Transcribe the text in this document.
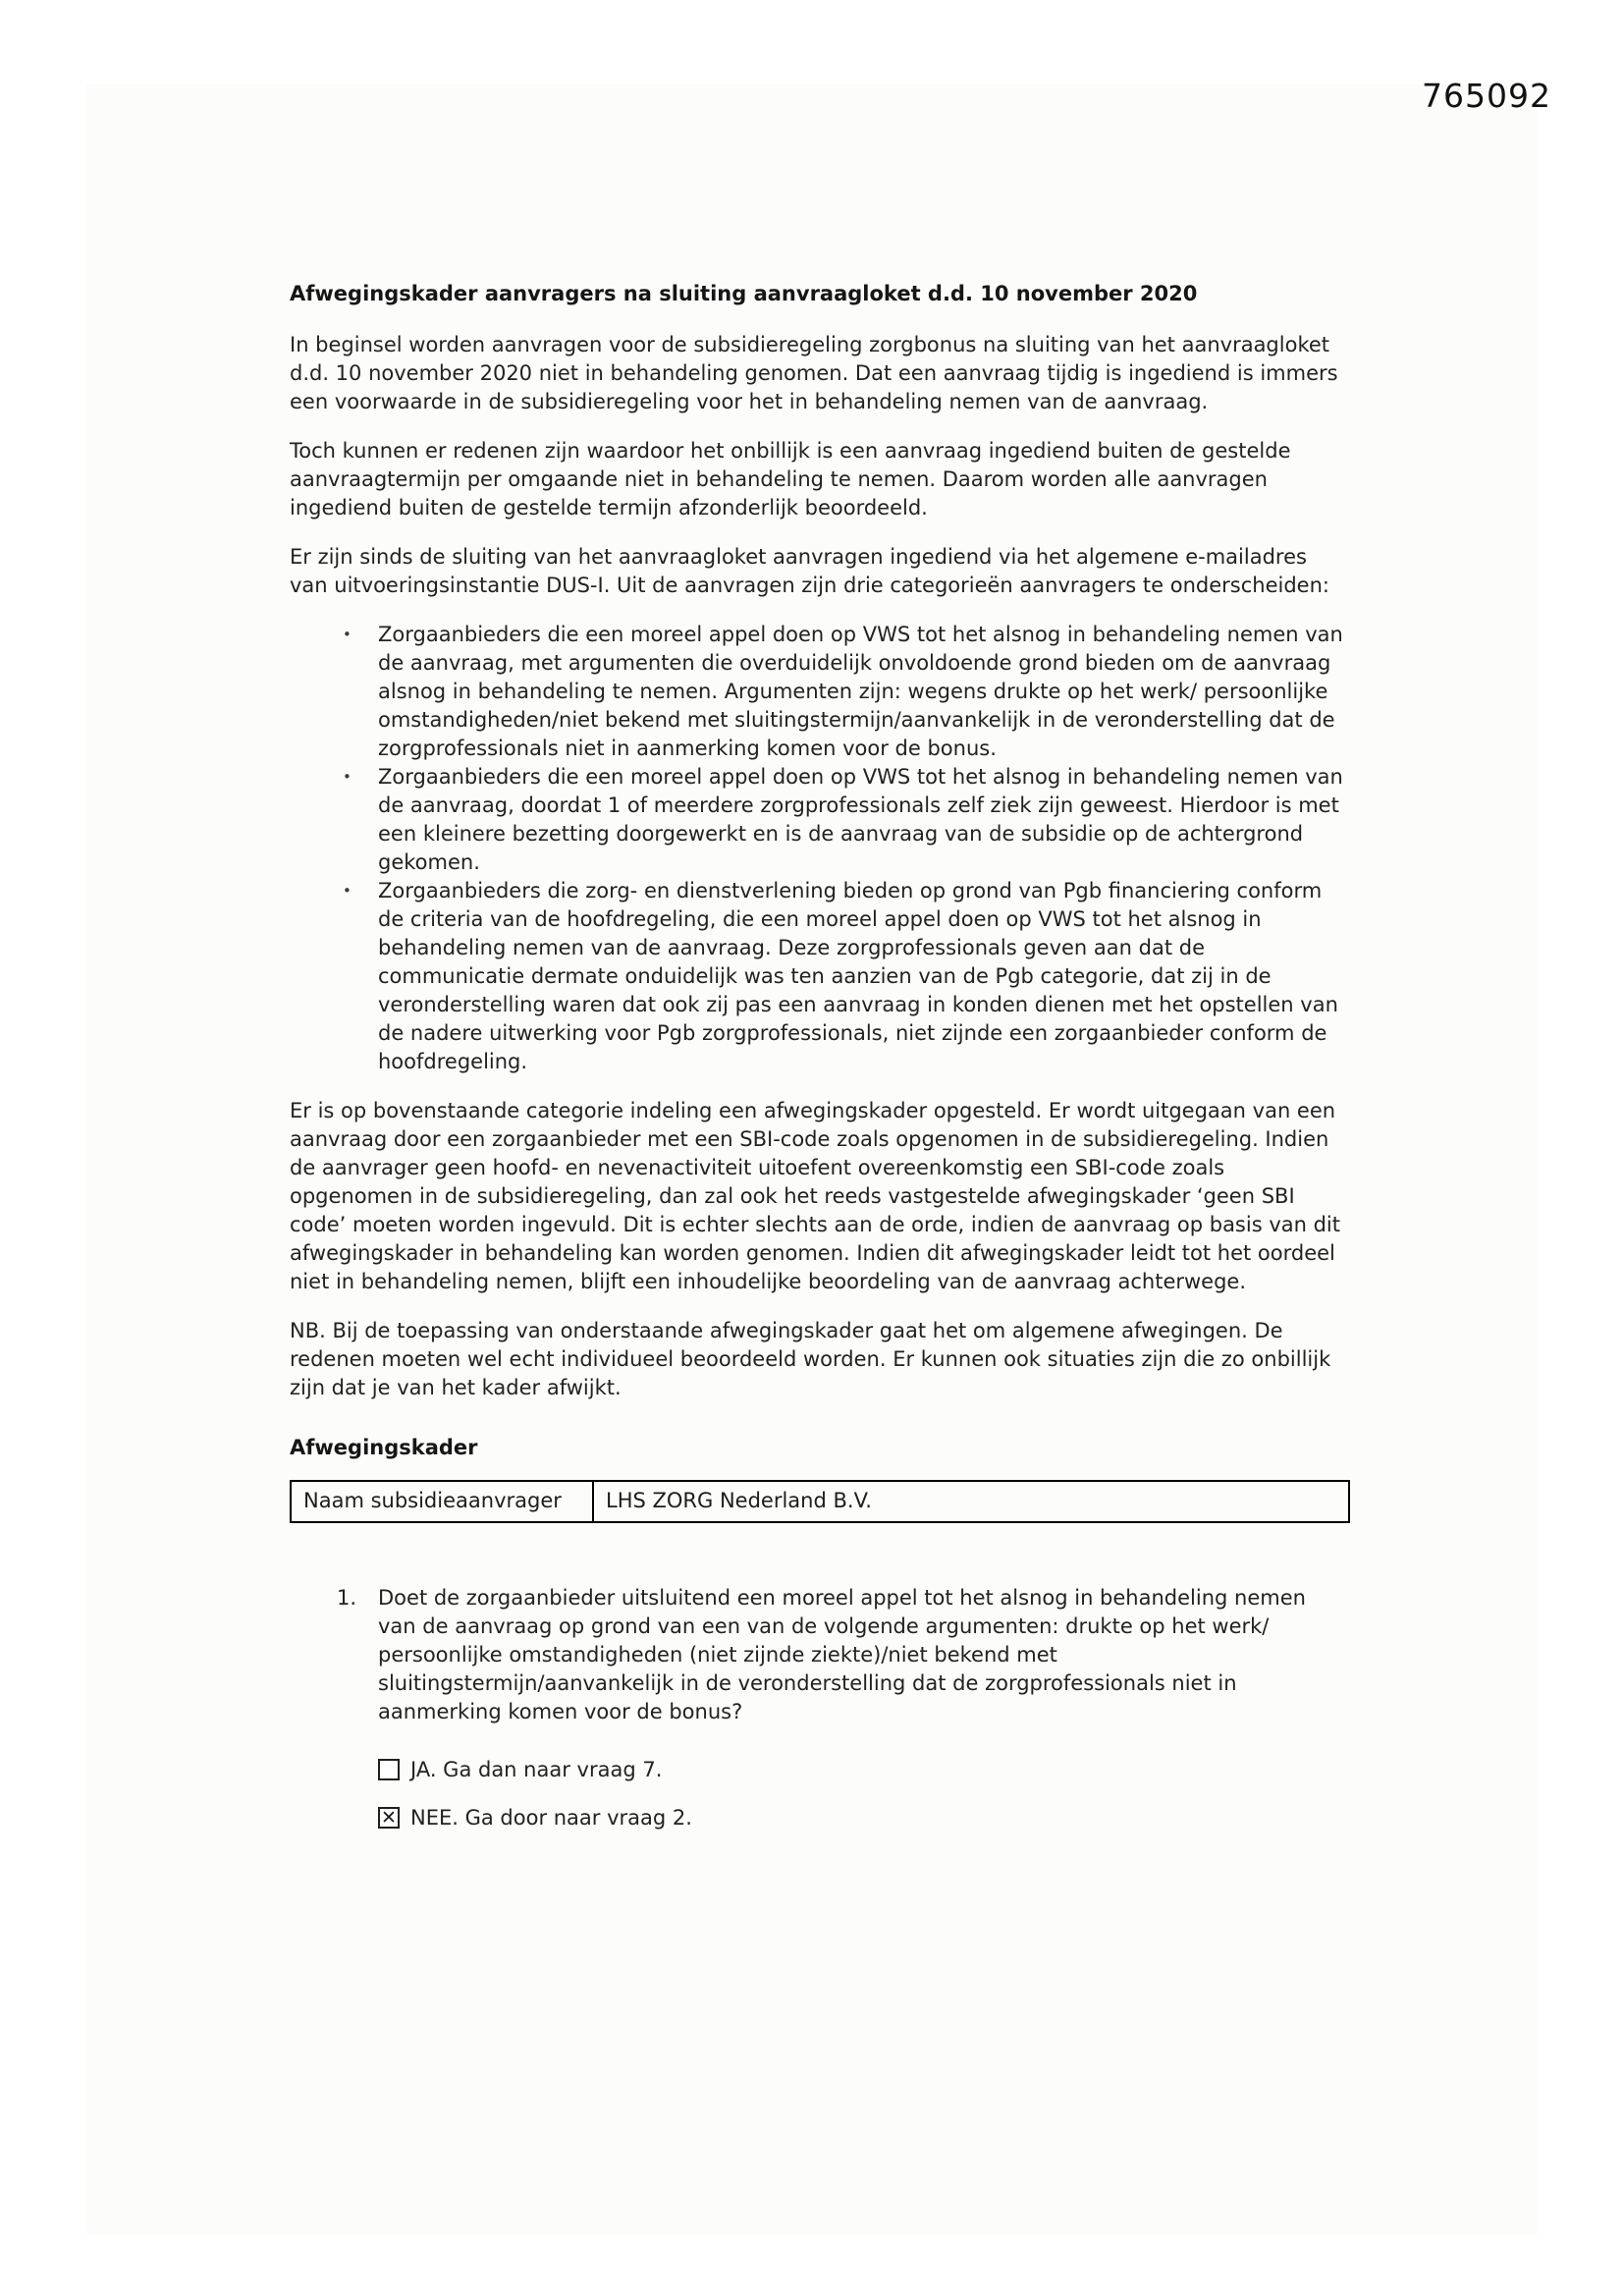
765092
Afwegingskader aanvragers na sluiting aanvraagloket d.d. 10 november 2020

In beginsel worden aanvragen voor de subsidieregeling zorgbonus na sluiting van het aanvraagloket d.d. 10 november 2020 niet in behandeling genomen. Dat een aanvraag tijdig is ingediend is immers een voorwaarde in de subsidieregeling voor het in behandeling nemen van de aanvraag.

Toch kunnen er redenen zijn waardoor het onbillijk is een aanvraag ingediend buiten de gestelde aanvraagtermijn per omgaande niet in behandeling te nemen. Daarom worden alle aanvragen ingediend buiten de gestelde termijn afzonderlijk beoordeeld.

Er zijn sinds de sluiting van het aanvraagloket aanvragen ingediend via het algemene e-mailadres van uitvoeringsinstantie DUS-I. Uit de aanvragen zijn drie categorieën aanvragers te onderscheiden:

•	Zorgaanbieders die een moreel appel doen op VWS tot het alsnog in behandeling nemen van de aanvraag, met argumenten die overduidelijk onvoldoende grond bieden om de aanvraag alsnog in behandeling te nemen. Argumenten zijn: wegens drukte op het werk/ persoonlijke omstandigheden/niet bekend met sluitingstermijn/aanvankelijk in de veronderstelling dat de zorgprofessionals niet in aanmerking komen voor de bonus.
•	Zorgaanbieders die een moreel appel doen op VWS tot het alsnog in behandeling nemen van de aanvraag, doordat 1 of meerdere zorgprofessionals zelf ziek zijn geweest. Hierdoor is met een kleinere bezetting doorgewerkt en is de aanvraag van de subsidie op de achtergrond gekomen.
•	Zorgaanbieders die zorg- en dienstverlening bieden op grond van Pgb financiering conform de criteria van de hoofdregeling, die een moreel appel doen op VWS tot het alsnog in behandeling nemen van de aanvraag. Deze zorgprofessionals geven aan dat de communicatie dermate onduidelijk was ten aanzien van de Pgb categorie, dat zij in de veronderstelling waren dat ook zij pas een aanvraag in konden dienen met het opstellen van de nadere uitwerking voor Pgb zorgprofessionals, niet zijnde een zorgaanbieder conform de hoofdregeling.

Er is op bovenstaande categorie indeling een afwegingskader opgesteld. Er wordt uitgegaan van een aanvraag door een zorgaanbieder met een SBI-code zoals opgenomen in de subsidieregeling. Indien de aanvrager geen hoofd- en nevenactiviteit uitoefent overeenkomstig een SBI-code zoals opgenomen in de subsidieregeling, dan zal ook het reeds vastgestelde afwegingskader ‘geen SBI code’ moeten worden ingevuld. Dit is echter slechts aan de orde, indien de aanvraag op basis van dit afwegingskader in behandeling kan worden genomen. Indien dit afwegingskader leidt tot het oordeel niet in behandeling nemen, blijft een inhoudelijke beoordeling van de aanvraag achterwege.

NB. Bij de toepassing van onderstaande afwegingskader gaat het om algemene afwegingen. De redenen moeten wel echt individueel beoordeeld worden. Er kunnen ook situaties zijn die zo onbillijk zijn dat je van het kader afwijkt.

Afwegingskader
Naam subsidieaanvrager	LHS ZORG Nederland B.V.
1.	Doet de zorgaanbieder uitsluitend een moreel appel tot het alsnog in behandeling nemen van de aanvraag op grond van een van de volgende argumenten: drukte op het werk/ persoonlijke omstandigheden (niet zijnde ziekte)/niet bekend met sluitingstermijn/aanvankelijk in de veronderstelling dat de zorgprofessionals niet in aanmerking komen voor de bonus?

JA. Ga dan naar vraag 7.
✕ NEE. Ga door naar vraag 2.
